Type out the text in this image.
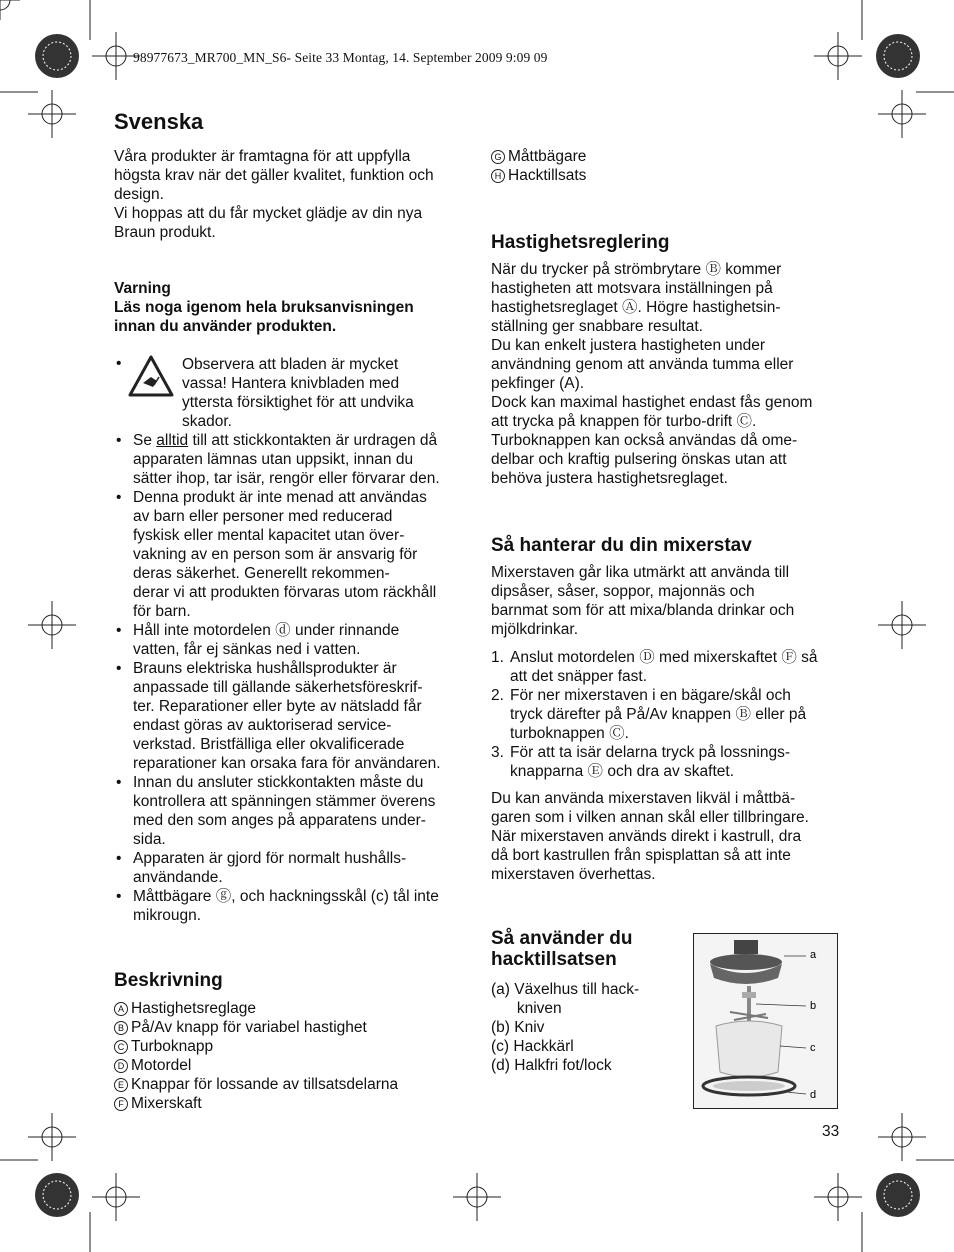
98977673_MR700_MN_S6- Seite 33 Montag, 14. September 2009 9:09 09
Svenska
Våra produkter är framtagna för att uppfylla
högsta krav när det gäller kvalitet, funktion och
design.
Vi hoppas att du får mycket glädje av din nya
Braun produkt.
Varning
Läs noga igenom hela bruksanvisningen
innan du använder produkten.
•	Observera att bladen är mycket
vassa! Hantera knivbladen med
yttersta försiktighet för att undvika
skador.
• Se alltid till att stickkontakten är urdragen då
apparaten lämnas utan uppsikt, innan du
sätter ihop, tar isär, rengör eller förvarar den.
• Denna produkt är inte menad att användas
av barn eller personer med reducerad
fyskisk eller mental kapacitet utan över-
vakning av en person som är ansvarig för
deras säkerhet. Generellt rekommen-
derar vi att produkten förvaras utom räckhåll
för barn.
• Håll inte motordelen ⓓ under rinnande
vatten, får ej sänkas ned i vatten.
• Brauns elektriska hushållsprodukter är
anpassade till gällande säkerhetsföreskrif-
ter. Reparationer eller byte av nätsladd får
endast göras av auktoriserad service-
verkstad. Bristfälliga eller okvalificerade
reparationer kan orsaka fara för användaren.
• Innan du ansluter stickkontakten måste du
kontrollera att spänningen stämmer överens
med den som anges på apparatens under-
sida.
• Apparaten är gjord för normalt hushålls-
användande.
• Måttbägare ⓖ, och hackningsskål (c) tål inte
mikrougn.
Beskrivning
A Hastighetsreglage
B På/Av knapp för variabel hastighet
C Turboknapp
D Motordel
E Knappar för lossande av tillsatsdelarna
F Mixerskaft
G Måttbägare
H Hacktillsats
Hastighetsreglering
När du trycker på strömbrytare Ⓑ kommer
hastigheten att motsvara inställningen på
hastighetsreglaget Ⓐ. Högre hastighetsin-
ställning ger snabbare resultat.
Du kan enkelt justera hastigheten under
användning genom att använda tumma eller
pekfinger (A).
Dock kan maximal hastighet endast fås genom
att trycka på knappen för turbo-drift Ⓒ.
Turboknappen kan också användas då ome-
delbar och kraftig pulsering önskas utan att
behöva justera hastighetsreglaget.
Så hanterar du din mixerstav
Mixerstaven går lika utmärkt att använda till
dipsåser, såser, soppor, majonnäs och
barnmat som för att mixa/blanda drinkar och
mjölkdrinkar.
1. Anslut motordelen Ⓓ med mixerskaftet Ⓕ så
att det snäpper fast.
2. För ner mixerstaven i en bägare/skål och
tryck därefter på På/Av knappen Ⓑ eller på
turboknappen Ⓒ.
3. För att ta isär delarna tryck på lossnings-
knapparna Ⓔ och dra av skaftet.
Du kan använda mixerstaven likväl i måttbä-
garen som i vilken annan skål eller tillbringare.
När mixerstaven används direkt i kastrull, dra
då bort kastrullen från spisplattan så att inte
mixerstaven överhettas.
Så använder du
hacktillsatsen
(a) Växelhus till hack-
kniven
(b) Kniv
(c) Hackkärl
(d) Halkfri fot/lock
a
b
c
d
33
